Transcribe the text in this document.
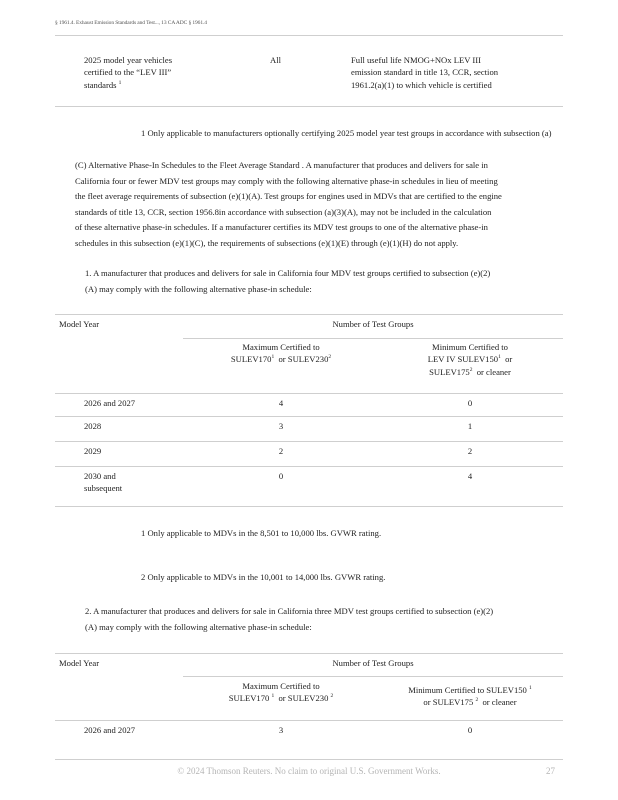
§ 1961.4. Exhaust Emission Standards and Test..., 13 CA ADC § 1961.4
2025 model year vehicles
certified to the “LEV III”
standards $^1$
All	Full useful life NMOG+NOx LEV III
emission standard in title 13, CCR, section
1961.2(a)(1) to which vehicle is certified
1 Only applicable to manufacturers optionally certifying 2025 model year test groups in accordance with subsection (a)
(C) Alternative Phase-In Schedules to the Fleet Average Standard . A manufacturer that produces and delivers for sale in
California four or fewer MDV test groups may comply with the following alternative phase-in schedules in lieu of meeting
the fleet average requirements of subsection (e)(1)(A). Test groups for engines used in MDVs that are certified to the engine
standards of title 13, CCR, section 1956.8in accordance with subsection (a)(3)(A), may not be included in the calculation
of these alternative phase-in schedules. If a manufacturer certifies its MDV test groups to one of the alternative phase-in
schedules in this subsection (e)(1)(C), the requirements of subsections (e)(1)(E) through (e)(1)(H) do not apply.
1. A manufacturer that produces and delivers for sale in California four MDV test groups certified to subsection (e)(2)
(A) may comply with the following alternative phase-in schedule:
Model Year	Number of Test Groups
Maximum Certified to
$SULEV170^1$ or $SULEV230^2$
Minimum Certified to
LEV IV $SULEV150^1$ or
$SULEV175^2$ or cleaner
2026 and 2027	4	0
2028	3	1
2029	2	2
2030 and
subsequent
0	4
1 Only applicable to MDVs in the 8,501 to 10,000 lbs. GVWR rating.
2 Only applicable to MDVs in the 10,001 to 14,000 lbs. GVWR rating.
2. A manufacturer that produces and delivers for sale in California three MDV test groups certified to subsection (e)(2)
(A) may comply with the following alternative phase-in schedule:
Model Year	Number of Test Groups
Maximum Certified to
SULEV170 $^1$ or SULEV230 $^2$
Minimum Certified to SULEV150 $^1$
or SULEV175 $^2$ or cleaner
2026 and 2027	3	0
© 2024 Thomson Reuters. No claim to original U.S. Government Works.	27
